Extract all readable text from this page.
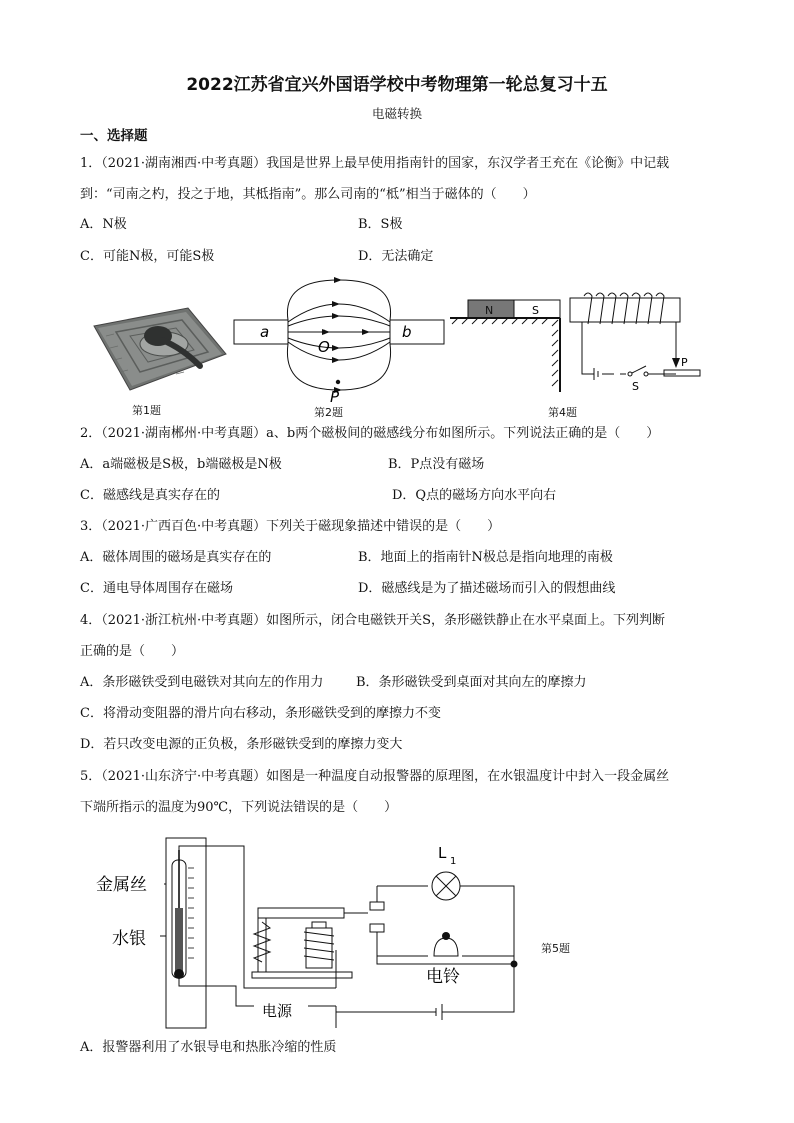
2022江苏省宜兴外国语学校中考物理第一轮总复习十五
电磁转换
一、选择题
1．（2021·湖南湘西·中考真题）我国是世界上最早使用指南针的国家，东汉学者王充在《论衡》中记载
到：“司南之杓，投之于地，其柢指南”。那么司南的“柢”相当于磁体的（　　）
A．N极	B．S极
C．可能N极，可能S极	D．无法确定
第1题
a	b
O
P
第2题
N	S
P
S
第4题
2．（2021·湖南郴州·中考真题）a、b两个磁极间的磁感线分布如图所示。下列说法正确的是（　　）
A．a端磁极是S极，b端磁极是N极	B．P点没有磁场
C．磁感线是真实存在的	D．Q点的磁场方向水平向右
3．（2021·广西百色·中考真题）下列关于磁现象描述中错误的是（　　）
A．磁体周围的磁场是真实存在的	B．地面上的指南针N极总是指向地理的南极
C．通电导体周围存在磁场	D．磁感线是为了描述磁场而引入的假想曲线
4．（2021·浙江杭州·中考真题）如图所示，闭合电磁铁开关S，条形磁铁静止在水平桌面上。下列判断
正确的是（　　）
A．条形磁铁受到电磁铁对其向左的作用力	B．条形磁铁受到桌面对其向左的摩擦力
C．将滑动变阻器的滑片向右移动，条形磁铁受到的摩擦力不变
D．若只改变电源的正负极，条形磁铁受到的摩擦力变大
5．（2021·山东济宁·中考真题）如图是一种温度自动报警器的原理图，在水银温度计中封入一段金属丝
下端所指示的温度为90℃，下列说法错误的是（　　）
金属丝
水银
L 1
电铃
电源
第5题
A．报警器利用了水银导电和热胀冷缩的性质
